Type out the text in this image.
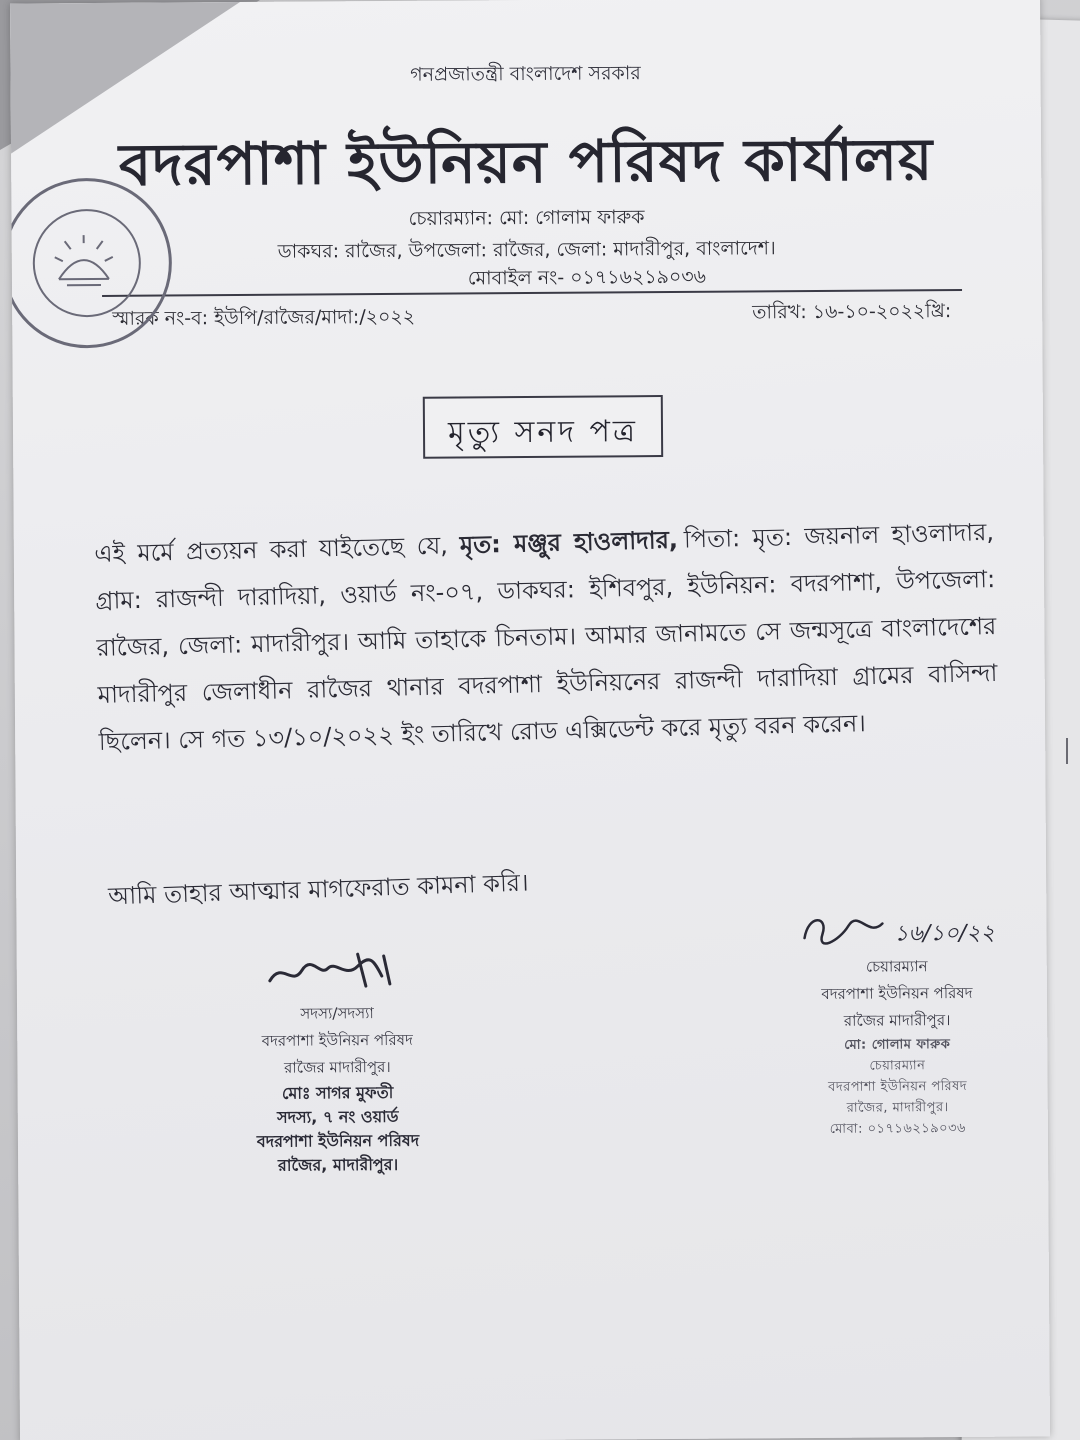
গনপ্রজাতন্ত্রী বাংলাদেশ সরকার
বদরপাশা ইউনিয়ন পরিষদ কার্যালয়
চেয়ারম্যান: মো: গোলাম ফারুক
ডাকঘর: রাজৈর, উপজেলা: রাজৈর, জেলা: মাদারীপুর, বাংলাদেশ।
মোবাইল নং- ০১৭১৬২১৯০৩৬
স্মারক নং-ব: ইউপি/রাজৈর/মাদা:/২০২২	তারিখ: ১৬-১০-২০২২খ্রি:
মৃত্যু সনদ পত্র
এই মর্মে প্রত্যয়ন করা যাইতেছে যে, মৃত: মঞ্জুর হাওলাদার, পিতা: মৃত: জয়নাল হাওলাদার, গ্রাম: রাজন্দী দারাদিয়া, ওয়ার্ড নং-০৭, ডাকঘর: ইশিবপুর, ইউনিয়ন: বদরপাশা, উপজেলা: রাজৈর, জেলা: মাদারীপুর। আমি তাহাকে চিনতাম। আমার জানামতে সে জন্মসূত্রে বাংলাদেশের মাদারীপুর জেলাধীন রাজৈর থানার বদরপাশা ইউনিয়নের রাজন্দী দারাদিয়া গ্রামের বাসিন্দা ছিলেন। সে গত ১৩/১০/২০২২ ইং তারিখে রোড এক্সিডেন্ট করে মৃত্যু বরন করেন।
আমি তাহার আত্মার মাগফেরাত কামনা করি।
সদস্য/সদস্যা
বদরপাশা ইউনিয়ন পরিষদ
রাজৈর মাদারীপুর।
মোঃ সাগর মুফতী
সদস্য, ৭ নং ওয়ার্ড
বদরপাশা ইউনিয়ন পরিষদ
রাজৈর, মাদারীপুর।
১৬/১০/২২
চেয়ারম্যান
বদরপাশা ইউনিয়ন পরিষদ
রাজৈর মাদারীপুর।
মো: গোলাম ফারুক
চেয়ারম্যান
বদরপাশা ইউনিয়ন পরিষদ
রাজৈর, মাদারীপুর।
মোবা: ০১৭১৬২১৯০৩৬
